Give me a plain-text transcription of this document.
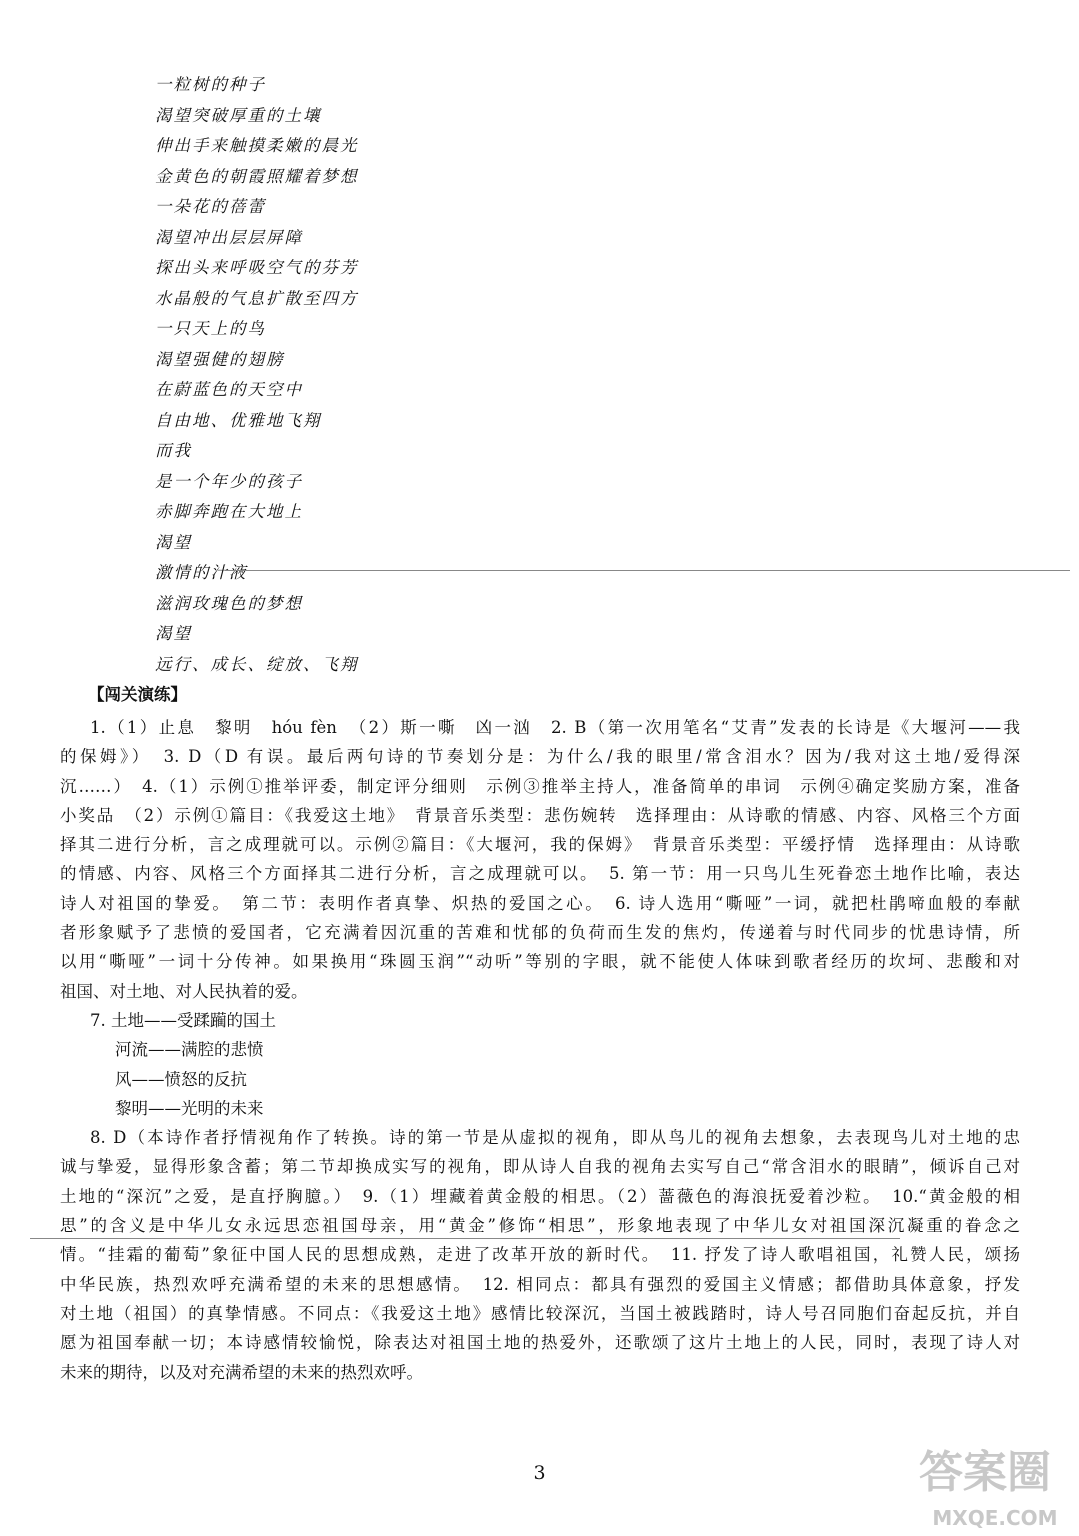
一粒树的种子
渴望突破厚重的土壤
伸出手来触摸柔嫩的晨光
金黄色的朝霞照耀着梦想
一朵花的蓓蕾
渴望冲出层层屏障
探出头来呼吸空气的芬芳
水晶般的气息扩散至四方
一只天上的鸟
渴望强健的翅膀
在蔚蓝色的天空中
自由地、优雅地飞翔
而我
是一个年少的孩子
赤脚奔跑在大地上
渴望
激情的汁液
滋润玫瑰色的梦想
渴望
远行、成长、绽放、飞翔
【闯关演练】
1.（1）止息　黎明　hóu fèn　（2）斯一嘶　凶一汹　2. B（第一次用笔名“艾青”发表的长诗是《大堰河——我
的保姆》）　3. D（D 有误。最后两句诗的节奏划分是：为什么/我的眼里/常含泪水？因为/我对这土地/爱得深
沉……）　4.（1）示例①推举评委，制定评分细则　示例③推举主持人，准备简单的串词　示例④确定奖励方案，准备
小奖品　（2）示例①篇目：《我爱这土地》　背景音乐类型：悲伤婉转　选择理由：从诗歌的情感、内容、风格三个方面
择其二进行分析，言之成理就可以。示例②篇目：《大堰河，我的保姆》　背景音乐类型：平缓抒情　选择理由：从诗歌
的情感、内容、风格三个方面择其二进行分析，言之成理就可以。　5. 第一节：用一只鸟儿生死眷恋土地作比喻，表达
诗人对祖国的挚爱。　第二节：表明作者真挚、炽热的爱国之心。　6. 诗人选用“嘶哑”一词，就把杜鹃啼血般的奉献
者形象赋予了悲愤的爱国者，它充满着因沉重的苦难和忧郁的负荷而生发的焦灼，传递着与时代同步的忧患诗情，所
以用“嘶哑”一词十分传神。如果换用“珠圆玉润”“动听”等别的字眼，就不能使人体味到歌者经历的坎坷、悲酸和对
祖国、对土地、对人民执着的爱。
7. 土地——受蹂躏的国土
河流——满腔的悲愤
风——愤怒的反抗
黎明——光明的未来
8. D（本诗作者抒情视角作了转换。诗的第一节是从虚拟的视角，即从鸟儿的视角去想象，去表现鸟儿对土地的忠
诚与挚爱，显得形象含蓄；第二节却换成实写的视角，即从诗人自我的视角去实写自己“常含泪水的眼睛”，倾诉自己对
土地的“深沉”之爱，是直抒胸臆。）　9.（1）埋藏着黄金般的相思。（2）蔷薇色的海浪抚爱着沙粒。　10.“黄金般的相
思”的含义是中华儿女永远思恋祖国母亲，用“黄金”修饰“相思”，形象地表现了中华儿女对祖国深沉凝重的眷念之
情。“挂霜的葡萄”象征中国人民的思想成熟，走进了改革开放的新时代。　11. 抒发了诗人歌唱祖国，礼赞人民，颂扬
中华民族，热烈欢呼充满希望的未来的思想感情。　12. 相同点：都具有强烈的爱国主义情感；都借助具体意象，抒发
对土地（祖国）的真挚情感。不同点：《我爱这土地》感情比较深沉，当国土被践踏时，诗人号召同胞们奋起反抗，并自
愿为祖国奉献一切；本诗感情较愉悦，除表达对祖国土地的热爱外，还歌颂了这片土地上的人民，同时，表现了诗人对
未来的期待，以及对充满希望的未来的热烈欢呼。
3	答案圈
MXQE.COM
